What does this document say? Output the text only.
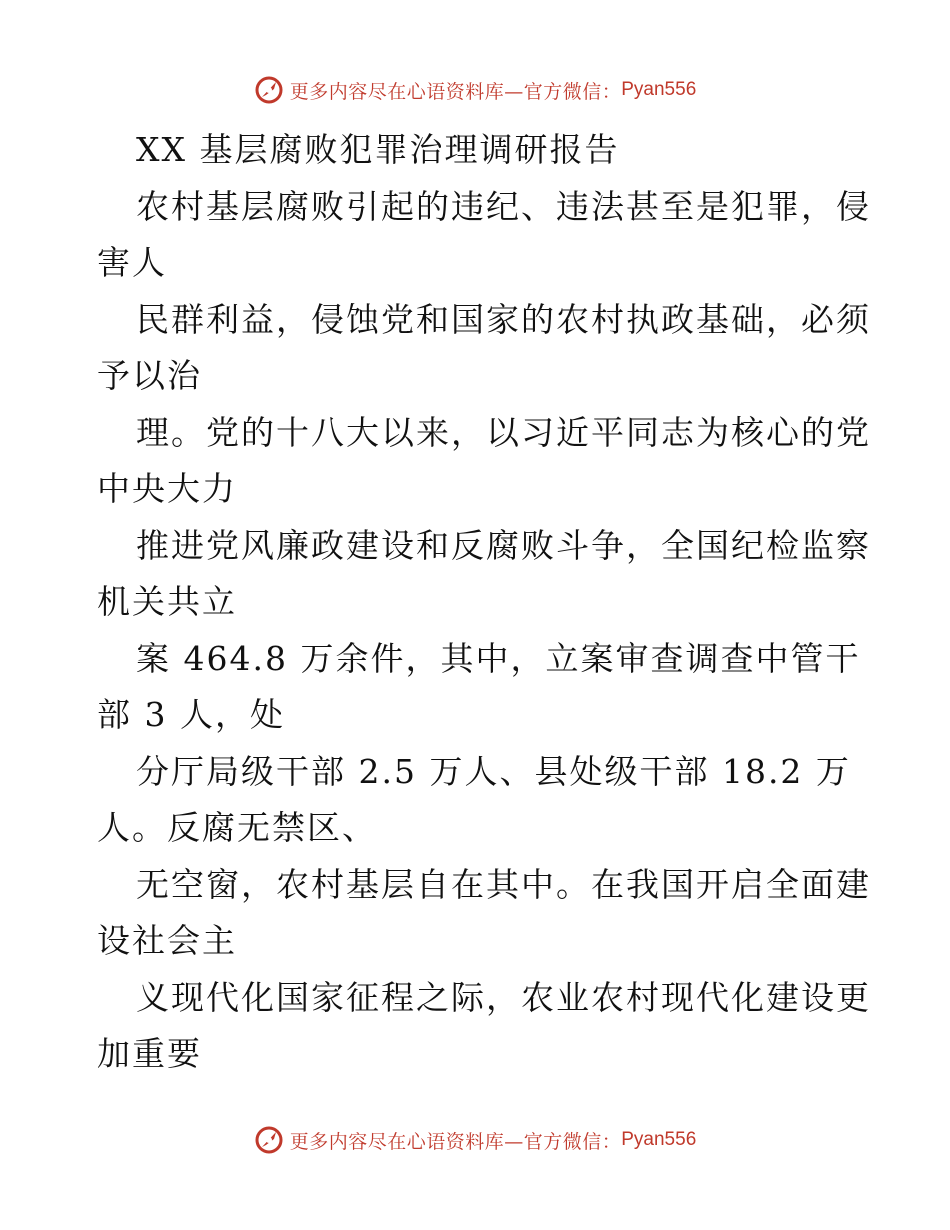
更多内容尽在心语资料库—官方微信： Pyan556
XX 基层腐败犯罪治理调研报告
农村基层腐败引起的违纪、违法甚至是犯罪，侵
害人
民群利益，侵蚀党和国家的农村执政基础，必须
予以治
理。党的十八大以来，以习近平同志为核心的党
中央大力
推进党风廉政建设和反腐败斗争，全国纪检监察
机关共立
案 464.8 万余件，其中，立案审查调查中管干
部 3 人，处
分厅局级干部 2.5 万人、县处级干部 18.2 万
人。反腐无禁区、
无空窗，农村基层自在其中。在我国开启全面建
设社会主
义现代化国家征程之际，农业农村现代化建设更
加重要
更多内容尽在心语资料库—官方微信： Pyan556
